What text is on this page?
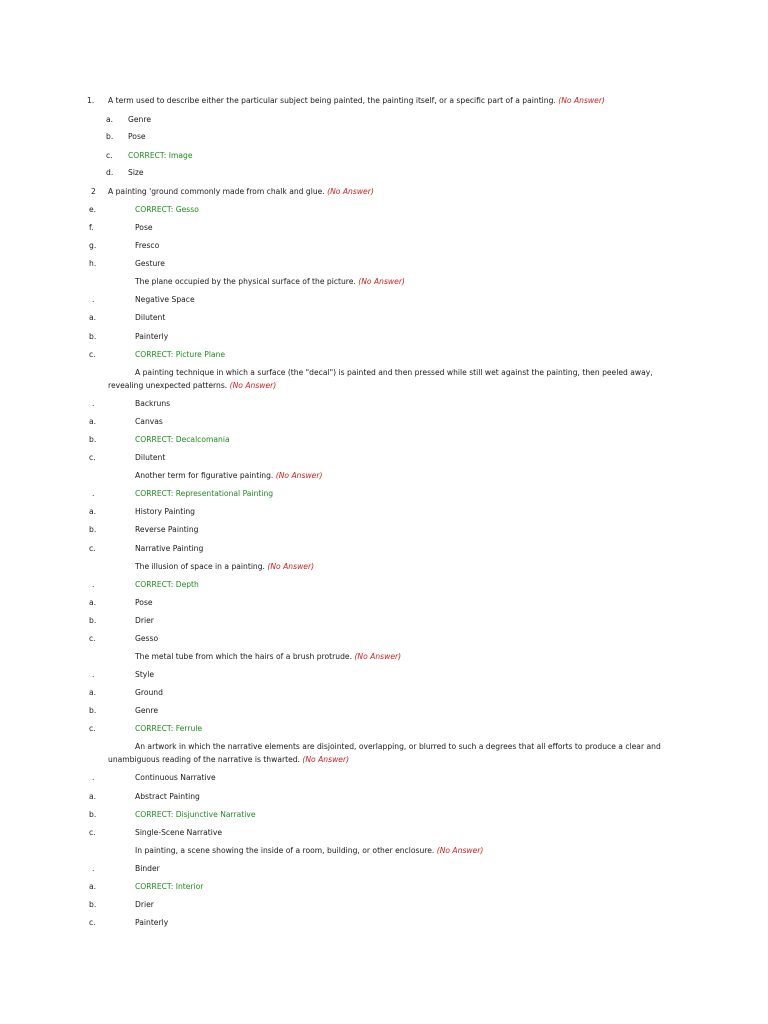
1. A term used to describe either the particular subject being painted, the painting itself, or a specific part of a painting. (No Answer)
a. Genre
b. Pose
c. CORRECT: Image
d. Size
2 A painting 'ground commonly made from chalk and glue. (No Answer)
e.	CORRECT: Gesso
f.	Pose
g.	Fresco
h.	Gesture
The plane occupied by the physical surface of the picture. (No Answer)
.	Negative Space
a.	Dilutent
b.	Painterly
c.	CORRECT: Picture Plane
A painting technique in which a surface (the "decal") is painted and then pressed while still wet against the painting, then peeled away, revealing unexpected patterns. (No Answer)
.	Backruns
a.	Canvas
b.	CORRECT: Decalcomania
c.	Dilutent
Another term for figurative painting. (No Answer)
.	CORRECT: Representational Painting
a.	History Painting
b.	Reverse Painting
c.	Narrative Painting
The illusion of space in a painting. (No Answer)
.	CORRECT: Depth
a.	Pose
b.	Drier
c.	Gesso
The metal tube from which the hairs of a brush protrude. (No Answer)
.	Style
a.	Ground
b.	Genre
c.	CORRECT: Ferrule
An artwork in which the narrative elements are disjointed, overlapping, or blurred to such a degrees that all efforts to produce a clear and unambiguous reading of the narrative is thwarted. (No Answer)
.	Continuous Narrative
a.	Abstract Painting
b.	CORRECT: Disjunctive Narrative
c.	Single-Scene Narrative
In painting, a scene showing the inside of a room, building, or other enclosure. (No Answer)
.	Binder
a.	CORRECT: Interior
b.	Drier
c.	Painterly
